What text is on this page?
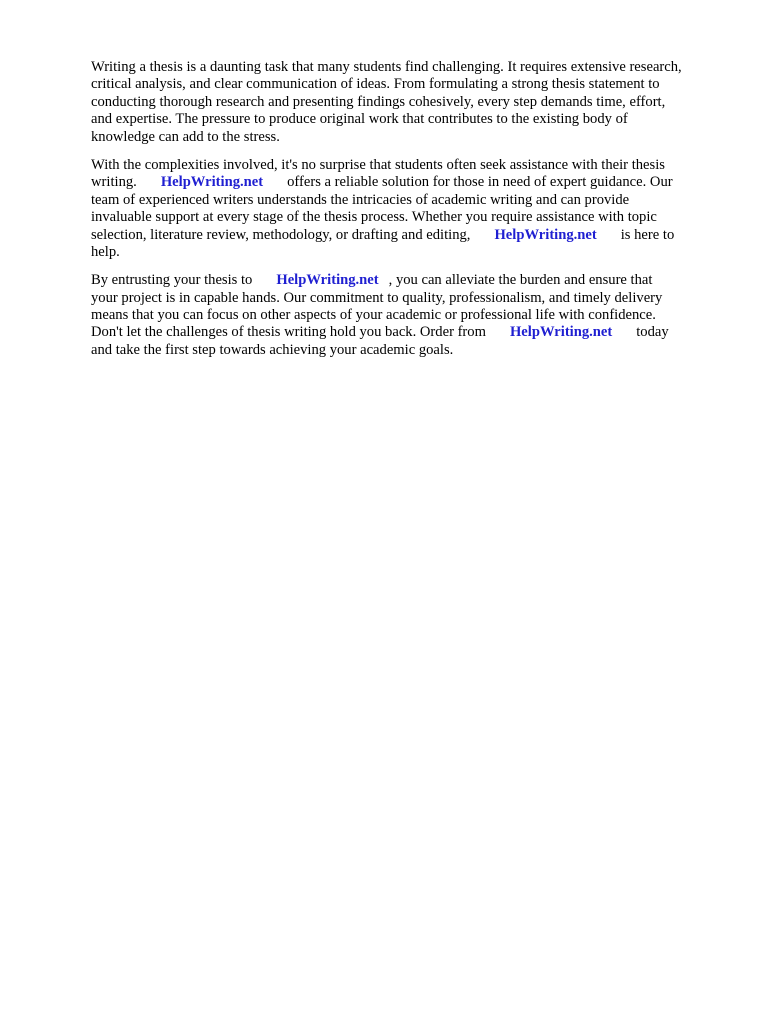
Writing a thesis is a daunting task that many students find challenging. It requires extensive research,
critical analysis, and clear communication of ideas. From formulating a strong thesis statement to
conducting thorough research and presenting findings cohesively, every step demands time, effort,
and expertise. The pressure to produce original work that contributes to the existing body of
knowledge can add to the stress.

With the complexities involved, it's no surprise that students often seek assistance with their thesis
writing. HelpWriting.net offers a reliable solution for those in need of expert guidance. Our
team of experienced writers understands the intricacies of academic writing and can provide
invaluable support at every stage of the thesis process. Whether you require assistance with topic
selection, literature review, methodology, or drafting and editing, HelpWriting.net is here to
help.

By entrusting your thesis to HelpWriting.net , you can alleviate the burden and ensure that
your project is in capable hands. Our commitment to quality, professionalism, and timely delivery
means that you can focus on other aspects of your academic or professional life with confidence.
Don't let the challenges of thesis writing hold you back. Order from HelpWriting.net today
and take the first step towards achieving your academic goals.
